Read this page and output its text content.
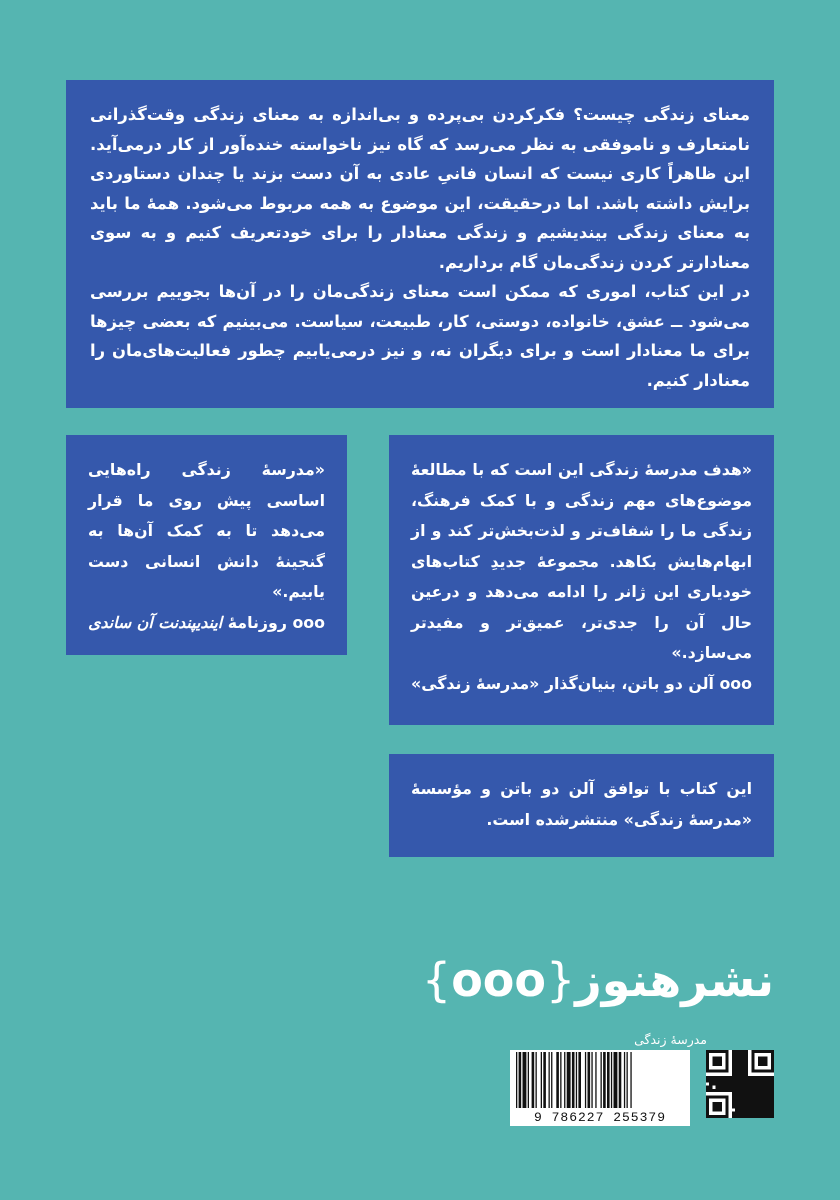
معنای زندگی چیست؟ فکرکردن بی‌پرده و بی‌اندازه به معنای زندگی وقت‌گذرانی نامتعارف و ناموفقی به نظر می‌رسد که گاه نیز ناخواسته خنده‌آور از کار درمی‌آید. این ظاهراً کاری نیست که انسان فانیِ عادی به آن دست بزند یا چندان دستاوردی برایش داشته باشد. اما درحقیقت، این موضوع به همه مربوط می‌شود. همهٔ ما باید به معنای زندگی بیندیشیم و زندگی معنادار را برای خودتعریف کنیم و به سوی معنادارتر کردن زندگی‌مان گام برداریم.

در این کتاب، اموری که ممکن است معنای زندگی‌مان را در آن‌ها بجوییم بررسی می‌شود ــ عشق، خانواده، دوستی، کار، طبیعت، سیاست. می‌بینیم که بعضی چیزها برای ما معنادار است و برای دیگران نه، و نیز درمی‌یابیم چطور فعالیت‌های‌مان را معنادار کنیم.

«مدرسهٔ زندگی راه‌هایی اساسی پیش روی ما قرار می‌دهد تا به کمک آن‌ها به گنجینهٔ دانش انسانی دست یابیم.»

ooo روزنامهٔ ایندیپندنت آن ساندی

«هدف مدرسهٔ زندگی این است که با مطالعهٔ موضوع‌های مهم زندگی و با کمک فرهنگ، زندگی ما را شفاف‌تر و لذت‌بخش‌تر کند و از ابهام‌هایش بکاهد. مجموعهٔ جدیدِ کتاب‌های خودیاری این ژانر را ادامه می‌دهد و درعین حال آن را جدی‌تر، عمیق‌تر و مفیدتر می‌سازد.»

ooo آلن دو باتن، بنیان‌گذار «مدرسهٔ زندگی»

این کتاب با توافق آلن دو باتن و مؤسسهٔ «مدرسهٔ زندگی» منتشرشده است.

نشرهنوز{ooo}
مدرسهٔ زندگی
9 786227 255379
